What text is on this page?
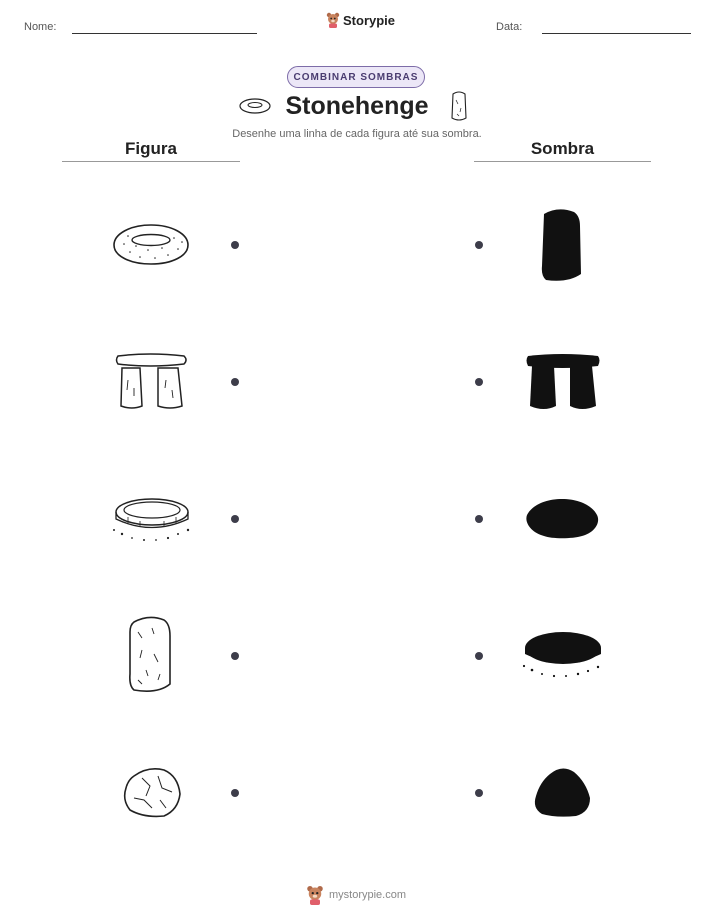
Nome:	Storypie	Data:
COMBINAR SOMBRAS
Stonehenge
Desenhe uma linha de cada figura até sua sombra.
Figura	Sombra
mystorypie.com
